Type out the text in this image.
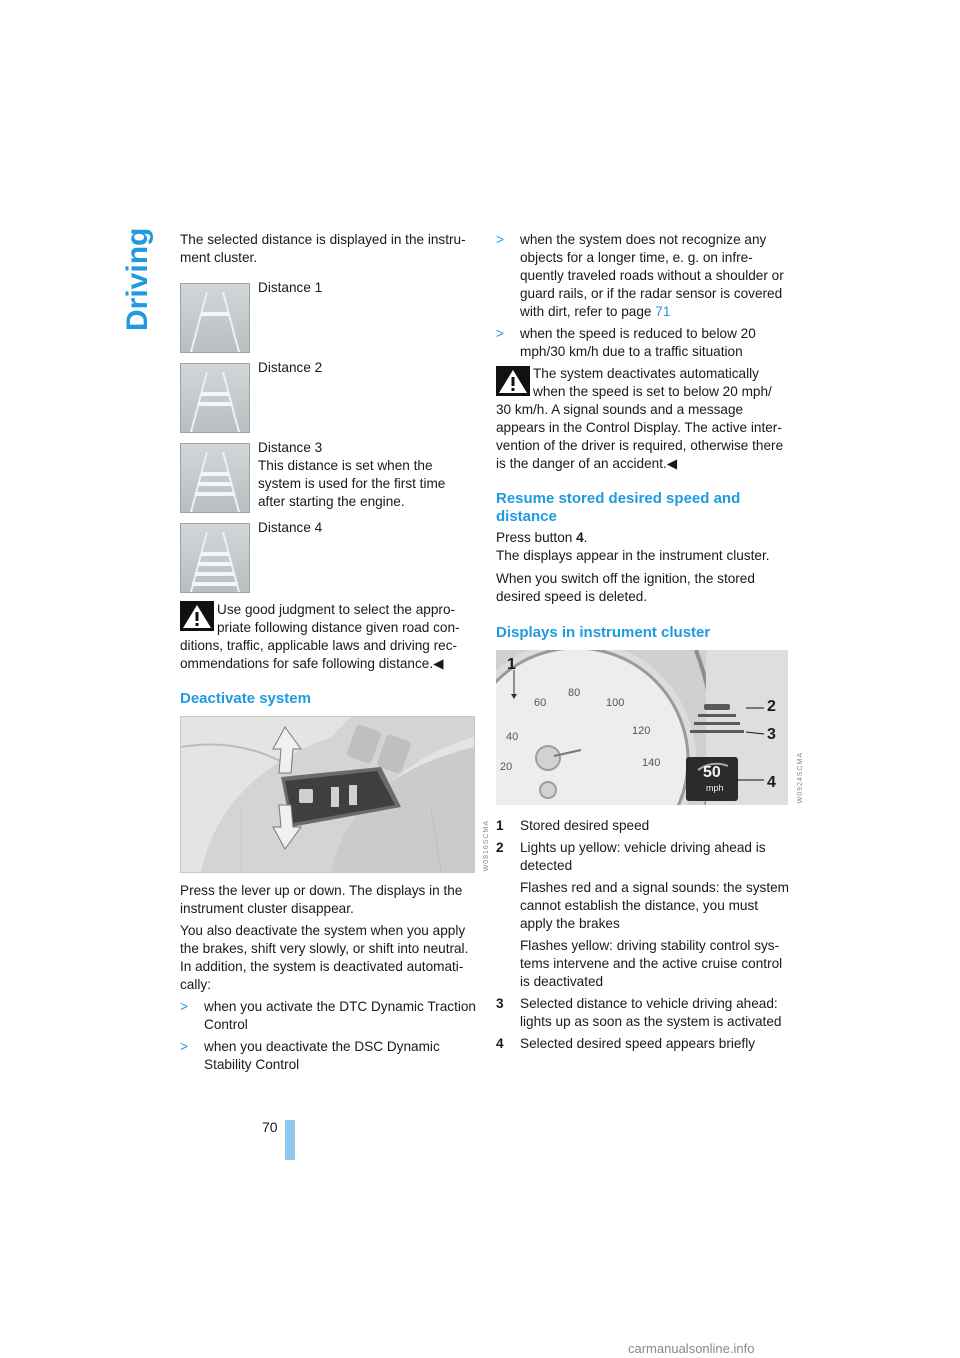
Driving
70

The selected distance is displayed in the instru-ment cluster.

Distance 1
Distance 2

Distance 3

This distance is set when the system is used for the first time after starting the engine.

Distance 4

Use good judgment to select the appro-

priate following distance given road con-

ditions, traffic, applicable laws and driving rec-ommendations for safe following distance.◀
Deactivate system
W0816SCMA
Press the lever up or down. The displays in the instrument cluster disappear.
You also deactivate the system when you apply the brakes, shift very slowly, or shift into neutral. In addition, the system is deactivated automati-cally:
> when you activate the DTC Dynamic Traction Control
> when you deactivate the DSC Dynamic Stability Control
> when the system does not recognize any objects for a longer time, e. g. on infre-quently traveled roads without a shoulder or guard rails, or if the radar sensor is covered with dirt, refer to page 71
> when the speed is reduced to below 20 mph/30 km/h due to a traffic situation

The system deactivates automatically

when the speed is set to below 20 mph/

30 km/h. A signal sounds and a message appears in the Control Display. The active inter-vention of the driver is required, otherwise there is the danger of an accident.◀
Resume stored desired speed and distance
Press button 4.

The displays appear in the instrument cluster.

When you switch off the ignition, the stored desired speed is deleted.
Displays in instrument cluster
1
2
3
4
40
60
80
100
120
140
20	50
mph	W0924SCMA
1 Stored desired speed

2 Lights up yellow: vehicle driving ahead is detected

Flashes red and a signal sounds: the system cannot establish the distance, you must apply the brakes

Flashes yellow: driving stability control sys-tems intervene and the active cruise control is deactivated

3 Selected distance to vehicle driving ahead: lights up as soon as the system is activated

4 Selected desired speed appears briefly

carmanualsonline.info
